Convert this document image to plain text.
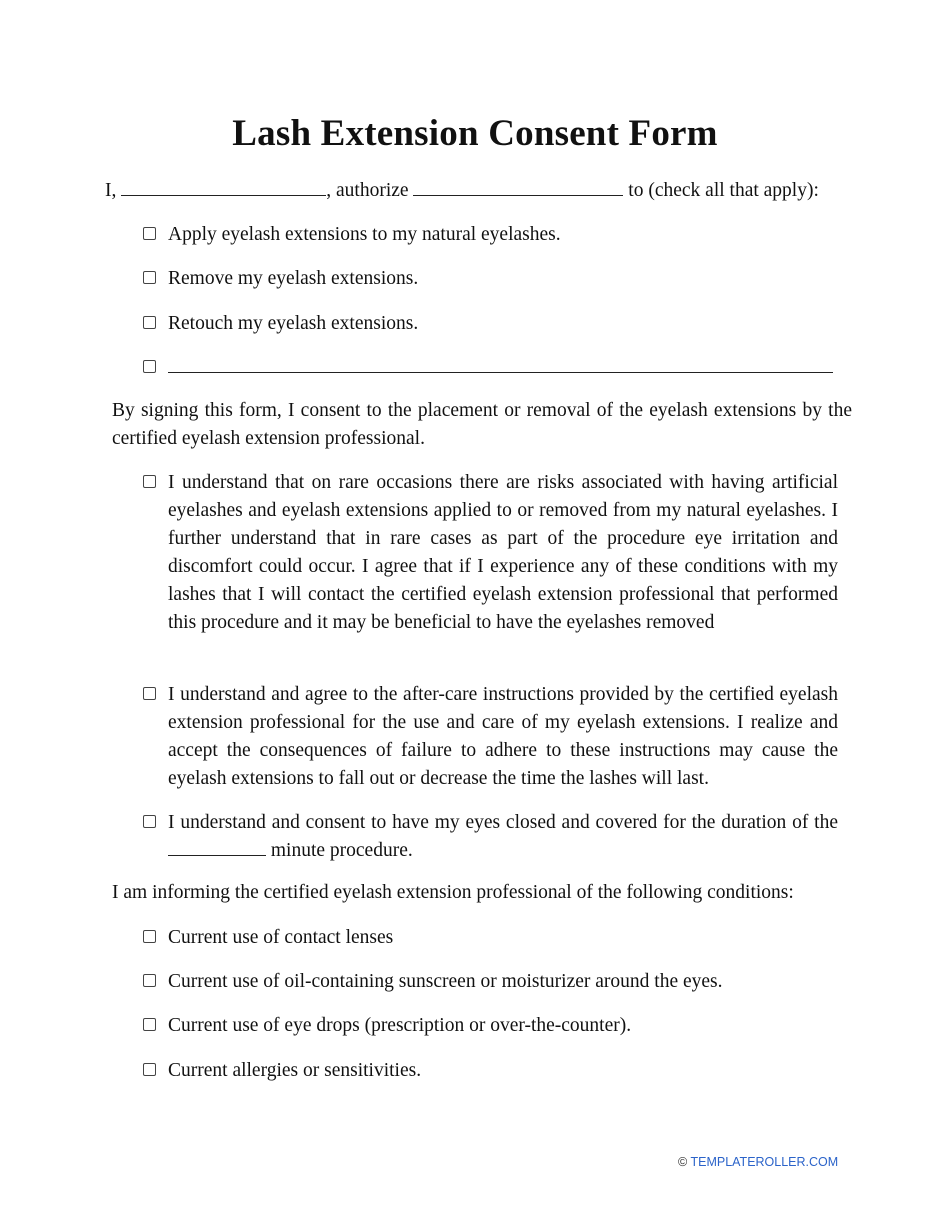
Lash Extension Consent Form
I,	, authorize	to (check all that apply):
Apply eyelash extensions to my natural eyelashes.
Remove my eyelash extensions.
Retouch my eyelash extensions.
By signing this form, I consent to the placement or removal of the eyelash extensions by the certified eyelash extension professional.
I understand that on rare occasions there are risks associated with having artificial eyelashes and eyelash extensions applied to or removed from my natural eyelashes. I further understand that in rare cases as part of the procedure eye irritation and discomfort could occur. I agree that if I experience any of these conditions with my lashes that I will contact the certified eyelash extension professional that performed this procedure and it may be beneficial to have the eyelashes removed
I understand and agree to the after-care instructions provided by the certified eyelash extension professional for the use and care of my eyelash extensions. I realize and accept the consequences of failure to adhere to these instructions may cause the eyelash extensions to fall out or decrease the time the lashes will last.
I understand and consent to have my eyes closed and covered for the duration of the  minute procedure.
I am informing the certified eyelash extension professional of the following conditions:
Current use of contact lenses
Current use of oil-containing sunscreen or moisturizer around the eyes.
Current use of eye drops (prescription or over-the-counter).
Current allergies or sensitivities.
© TEMPLATEROLLER.COM
